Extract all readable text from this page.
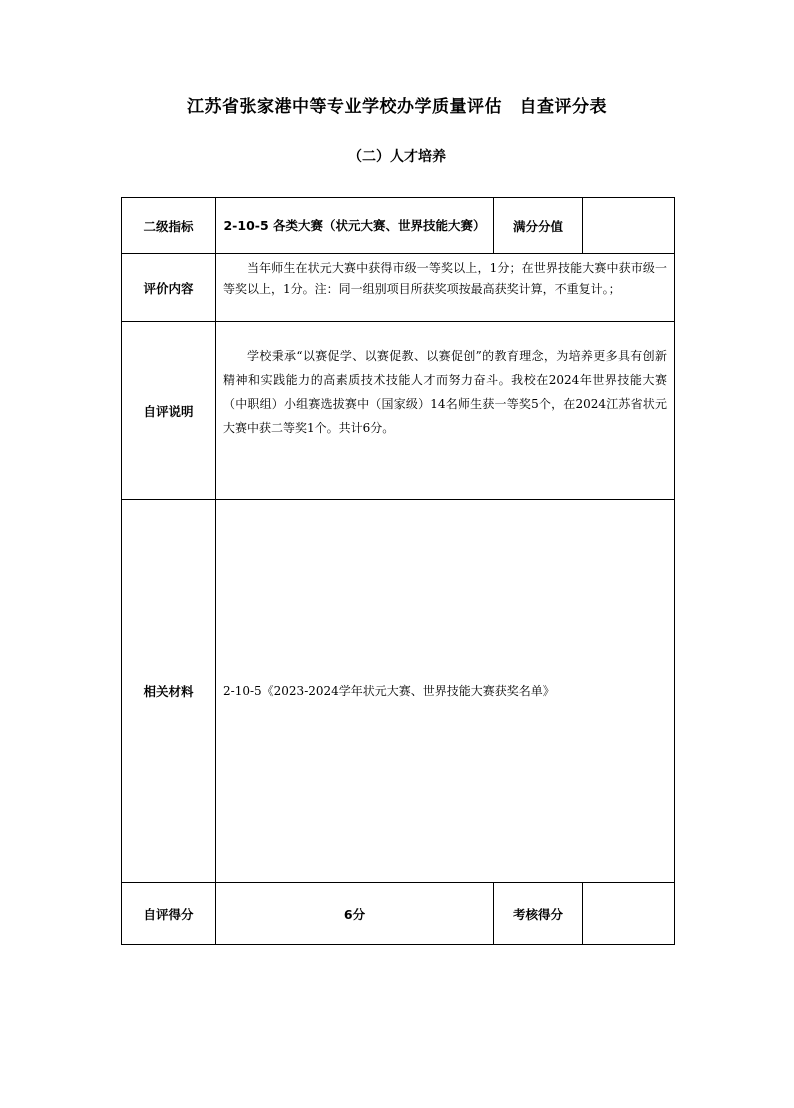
江苏省张家港中等专业学校办学质量评估　自查评分表
（二）人才培养
二级指标	2-10-5 各类大赛（状元大赛、世界技能大赛）	满分分值	
评价内容	当年师生在状元大赛中获得市级一等奖以上，1分；在世界技能大赛中获市级一等奖以上，1分。注：同一组别项目所获奖项按最高获奖计算，不重复计。；		
自评说明	学校秉承“以赛促学、以赛促教、以赛促创”的教育理念，为培养更多具有创新精神和实践能力的高素质技术技能人才而努力奋斗。我校在2024年世界技能大赛（中职组）小组赛选拔赛中（国家级）14名师生获一等奖5个，在2024江苏省状元大赛中获二等奖1个。共计6分。		
相关材料	2-10-5《2023-2024学年状元大赛、世界技能大赛获奖名单》		
自评得分	6分	考核得分	
